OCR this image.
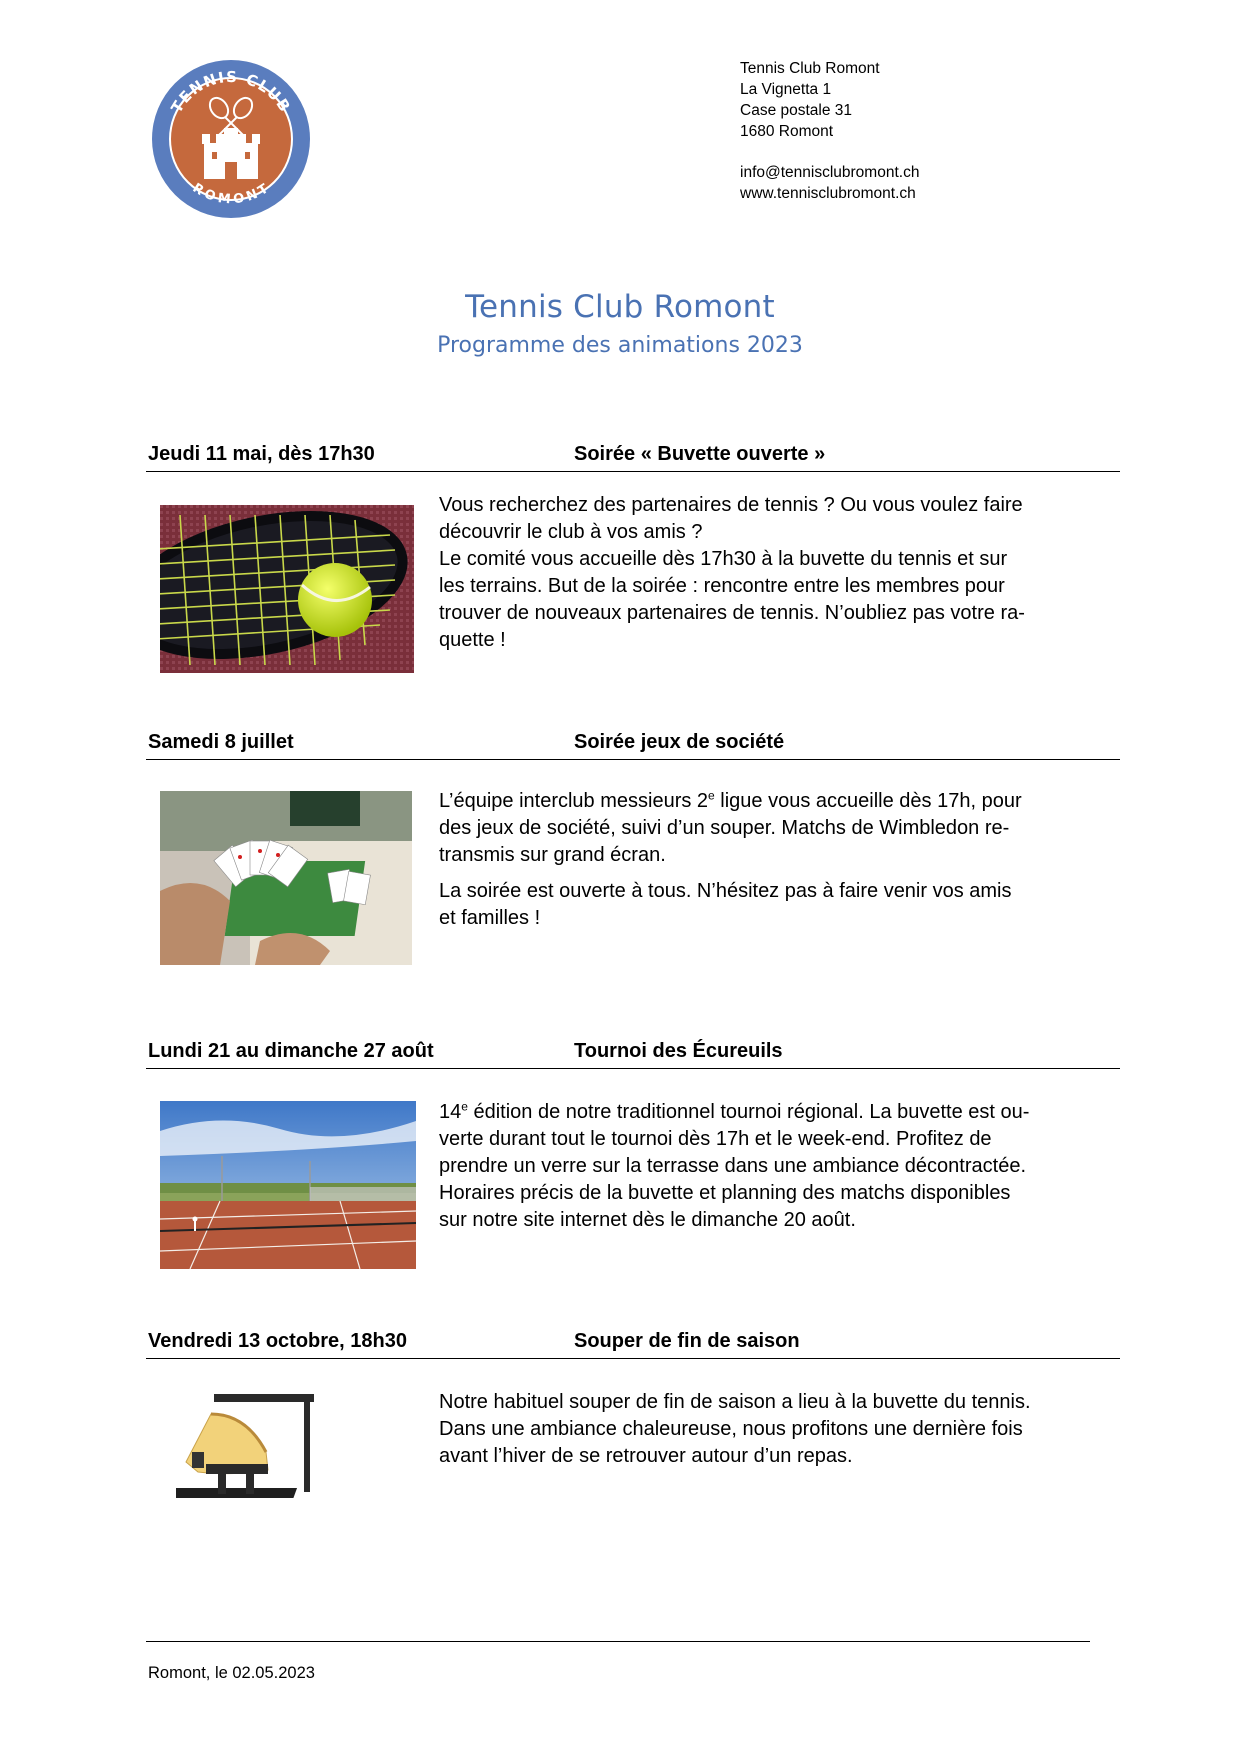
TENNIS CLUB
ROMONT
Tennis Club Romont
La Vignetta 1
Case postale 31
1680 Romont
info@tennisclubromont.ch
www.tennisclubromont.ch
Tennis Club Romont
Programme des animations 2023
Jeudi 11 mai, dès 17h30	Soirée « Buvette ouverte »

Vous recherchez des partenaires de tennis ? Ou vous voulez faire

découvrir le club à vos amis ?

Le comité vous accueille dès 17h30 à la buvette du tennis et sur

les terrains. But de la soirée : rencontre entre les membres pour

trouver de nouveaux partenaires de tennis. N’oubliez pas votre ra-

quette !

Samedi 8 juillet	Soirée jeux de société

L’équipe interclub messieurs 2e ligue vous accueille dès 17h, pour

des jeux de société, suivi d’un souper. Matchs de Wimbledon re-

transmis sur grand écran.

La soirée est ouverte à tous. N’hésitez pas à faire venir vos amis

et familles !

Lundi 21 au dimanche 27 août	Tournoi des Écureuils

14e édition de notre traditionnel tournoi régional. La buvette est ou-

verte durant tout le tournoi dès 17h et le week-end. Profitez de

prendre un verre sur la terrasse dans une ambiance décontractée.

Horaires précis de la buvette et planning des matchs disponibles

sur notre site internet dès le dimanche 20 août.

Vendredi 13 octobre, 18h30	Souper de fin de saison

Notre habituel souper de fin de saison a lieu à la buvette du tennis.

Dans une ambiance chaleureuse, nous profitons une dernière fois

avant l’hiver de se retrouver autour d’un repas.

Romont, le 02.05.2023
